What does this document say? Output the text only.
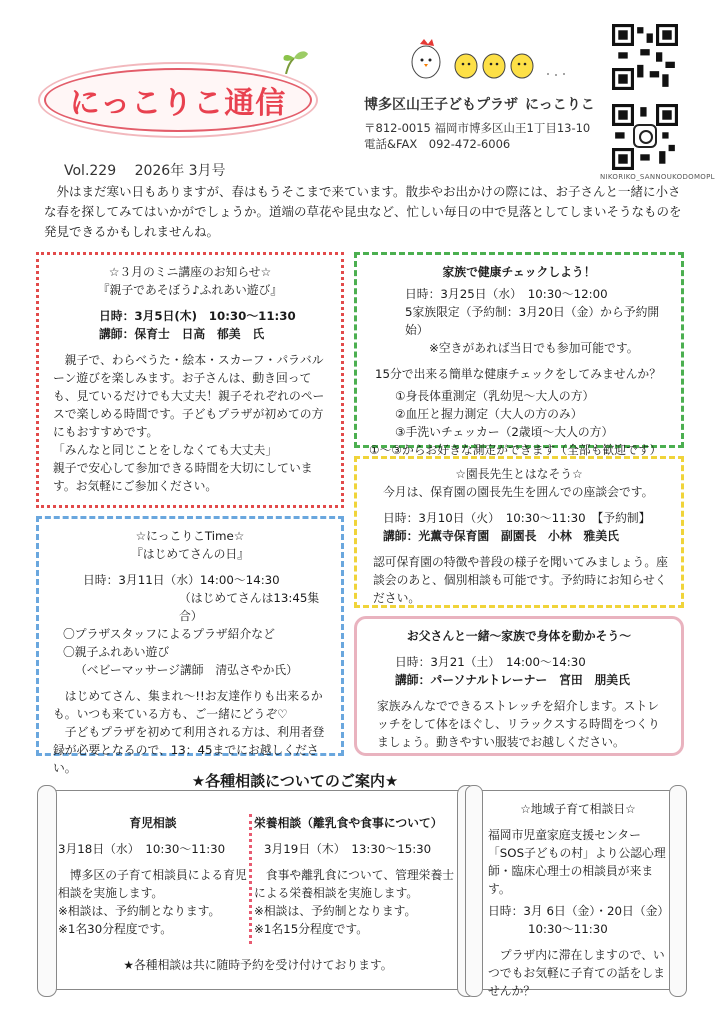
にっこりこ通信	博多区山王子どもプラザ にっこりこ
〒812-0015 福岡市博多区山王1丁目13-10
電話&FAX　092-472-6006
NIKORIKO_SANNOUKODOMOPL
Vol.229　 2026年 3月号

外はまだ寒い日もありますが、春はもうそこまで来ています。散歩やお出かけの際には、お子さんと一緒に小さな春を探してみてはいかがでしょうか。道端の草花や昆虫など、忙しい毎日の中で見落としてしまいそうなものを発見できるかもしれませんね。

☆３月のミニ講座のお知らせ☆

『親子であそぼう♪ふれあい遊び』

日時：3月5日(木)　10:30～11:30

講師：保育士　日高　郁美　氏

親子で、わらべうた・絵本・スカーフ・パラバルーン遊びを楽しみます。お子さんは、動き回っても、見ているだけでも大丈夫！親子それぞれのペースで楽しめる時間です。子どもプラザが初めての方にもおすすめです。

「みんなと同じことをしなくても大丈夫」

親子で安心して参加できる時間を大切にしています。お気軽にご参加ください。

家族で健康チェックしよう！

日時：3月25日（水）　10:30～12:00

5家族限定（予約制：3月20日（金）から予約開始）

※空きがあれば当日でも参加可能です。

15分で出来る簡単な健康チェックをしてみませんか？

①身長体重測定（乳幼児～大人の方）

②血圧と握力測定（大人の方のみ）

③手洗いチェッカー（2歳頃～大人の方）

①～③からお好きな測定ができます（全部も歓迎です）

☆園長先生とはなそう☆

今月は、保育園の園長先生を囲んでの座談会です。

日時：3月10日（火）　10:30～11:30　【予約制】

講師：光薫寺保育園　副園長　小林　雅美氏

認可保育園の特徴や普段の様子を聞いてみましょう。座談会のあと、個別相談も可能です。予約時にお知らせください。

☆にっこりこTime☆

『はじめてさんの日』

日時：3月11日（水）14:00～14:30

（はじめてさんは13:45集合）

〇プラザスタッフによるプラザ紹介など

〇親子ふれあい遊び

（ベビーマッサージ講師　清弘さやか氏）

はじめてさん、集まれ～!!お友達作りも出来るかも。いつも来ている方も、ご一緒にどうぞ♡

子どもプラザを初めて利用される方は、利用者登録が必要となるので、13：45までにお越しください。

お父さんと一緒～家族で身体を動かそう～

日時：3月21（土）　14:00～14:30

講師：パーソナルトレーナー　宮田　朋美氏

家族みんなでできるストレッチを紹介します。ストレッチをして体をほぐし、リラックスする時間をつくりましょう。動きやすい服装でお越しください。

★各種相談についてのご案内★

育児相談

3月18日（水）　10:30～11:30

博多区の子育て相談員による育児相談を実施します。

※相談は、予約制となります。

※1名30分程度です。

栄養相談（離乳食や食事について）

3月19日（木）　13:30～15:30

食事や離乳食について、管理栄養士による栄養相談を実施します。

※相談は、予約制となります。

※1名15分程度です。

★各種相談は共に随時予約を受け付けております。

☆地域子育て相談日☆

福岡市児童家庭支援センター「SOS子どもの村」より公認心理師・臨床心理士の相談員が来ます。

日時：3月 6日（金）・20日（金）

10:30～11:30

プラザ内に滞在しますので、いつでもお気軽に子育ての話をしませんか？
